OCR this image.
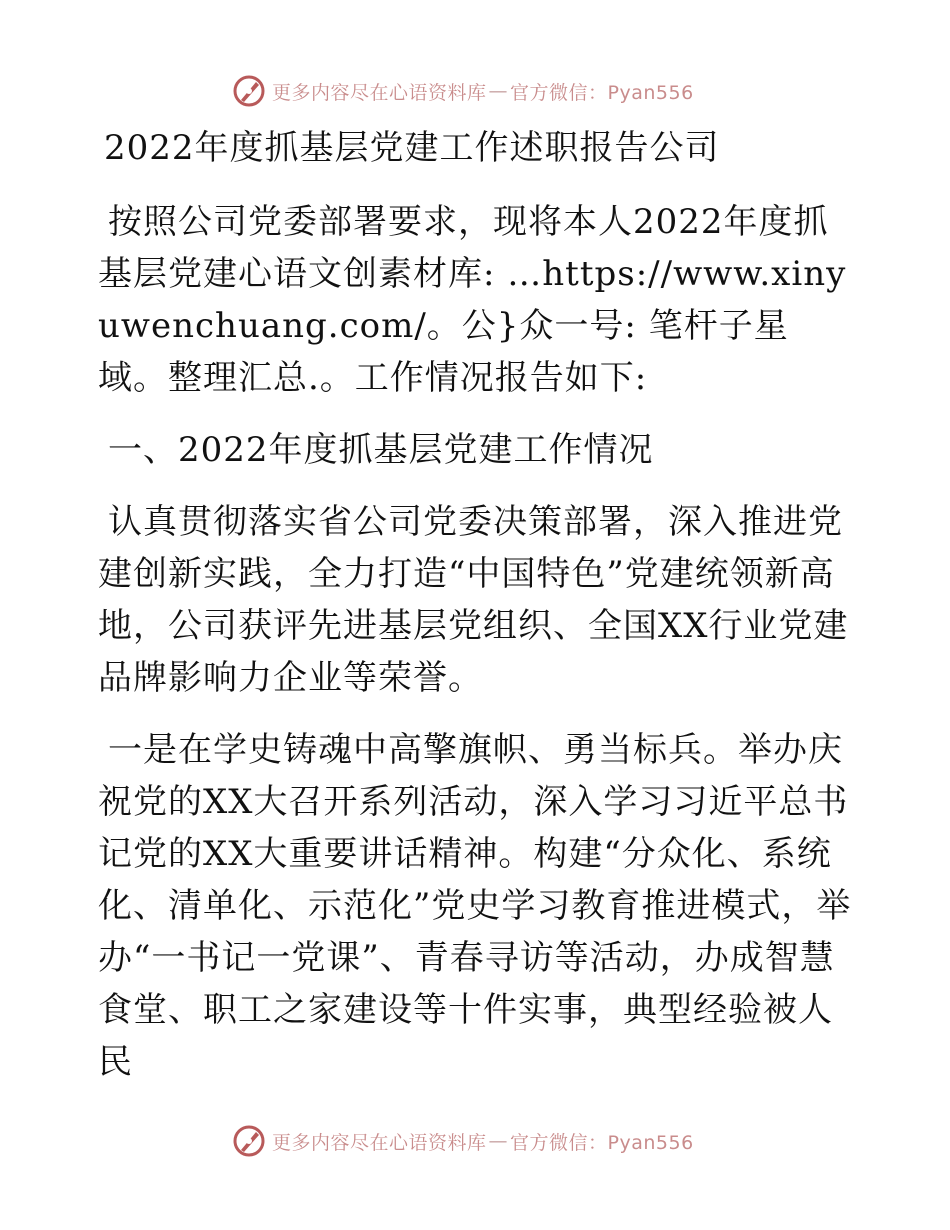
更多内容尽在心语资料库 — 官方微信：Pyan556

2022年度抓基层党建工作述职报告公司

按照公司党委部署要求，现将本人2022年度抓基层党建心语文创素材库: …https://www.xinyuwenchuang.com/。公}众一号: 笔杆子星域。整理汇总.。工作情况报告如下:

一、2022年度抓基层党建工作情况

认真贯彻落实省公司党委决策部署，深入推进党建创新实践，全力打造“中国特色”党建统领新高地，公司获评先进基层党组织、全国XX行业党建品牌影响力企业等荣誉。

一是在学史铸魂中高擎旗帜、勇当标兵。举办庆祝党的XX大召开系列活动，深入学习习近平总书记党的XX大重要讲话精神。构建“分众化、系统化、清单化、示范化”党史学习教育推进模式，举办“一书记一党课”、青春寻访等活动，办成智慧食堂、职工之家建设等十件实事，典型经验被人民

更多内容尽在心语资料库 — 官方微信：Pyan556
